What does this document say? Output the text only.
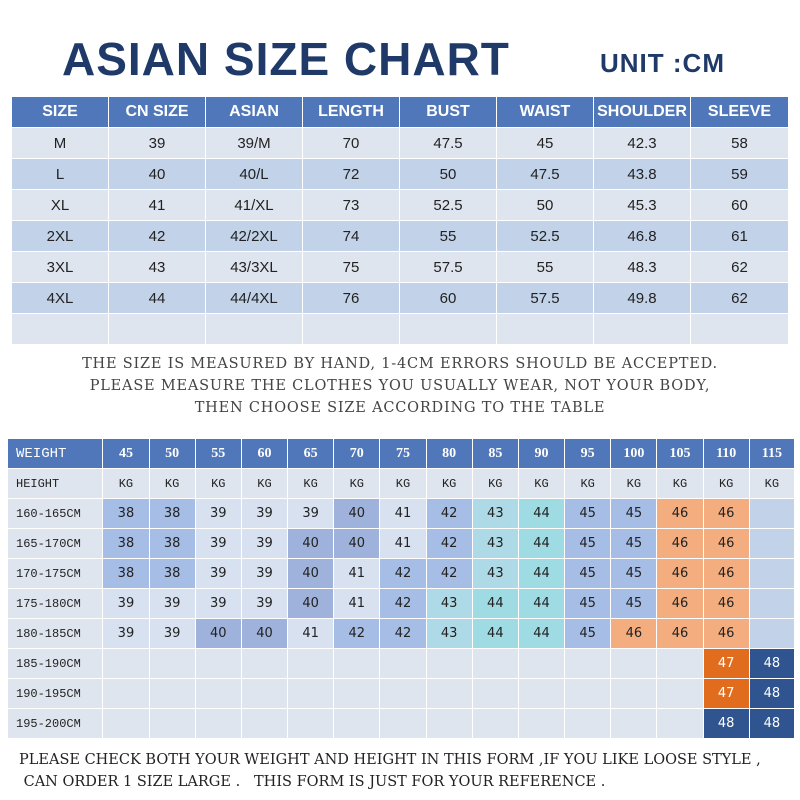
ASIAN SIZE CHART	UNIT :CM
SIZE	CN SIZE	ASIAN	LENGTH	BUST	WAIST	SHOULDER	SLEEVE
M	39	39/M	70	47.5	45	42.3	58
L	40	40/L	72	50	47.5	43.8	59
XL	41	41/XL	73	52.5	50	45.3	60
2XL	42	42/2XL	74	55	52.5	46.8	61
3XL	43	43/3XL	75	57.5	55	48.3	62
4XL	44	44/4XL	76	60	57.5	49.8	62

THE SIZE IS MEASURED BY HAND, 1-4CM ERRORS SHOULD BE ACCEPTED.
PLEASE MEASURE THE CLOTHES YOU USUALLY WEAR, NOT YOUR BODY,
THEN CHOOSE SIZE ACCORDING TO THE TABLE
WEIGHT	45	50	55	60	65	70	75	80	85	90	95	100	105	110	115
HEIGHT	KG	KG	KG	KG	KG	KG	KG	KG	KG	KG	KG	KG	KG	KG	KG
160-165CM	38	38	39	39	39	40	41	42	43	44	45	45	46	46	
165-170CM	38	38	39	39	40	40	41	42	43	44	45	45	46	46	
170-175CM	38	38	39	39	40	41	42	42	43	44	45	45	46	46	
175-180CM	39	39	39	39	40	41	42	43	44	44	45	45	46	46	
180-185CM	39	39	40	40	41	42	42	43	44	44	45	46	46	46	
185-190CM														47	48
190-195CM														47	48
195-200CM														48	48
PLEASE CHECK BOTH YOUR WEIGHT AND HEIGHT IN THIS FORM ,IF YOU LIKE LOOSE STYLE ,
CAN ORDER 1 SIZE LARGE .   THIS FORM IS JUST FOR YOUR REFERENCE .
